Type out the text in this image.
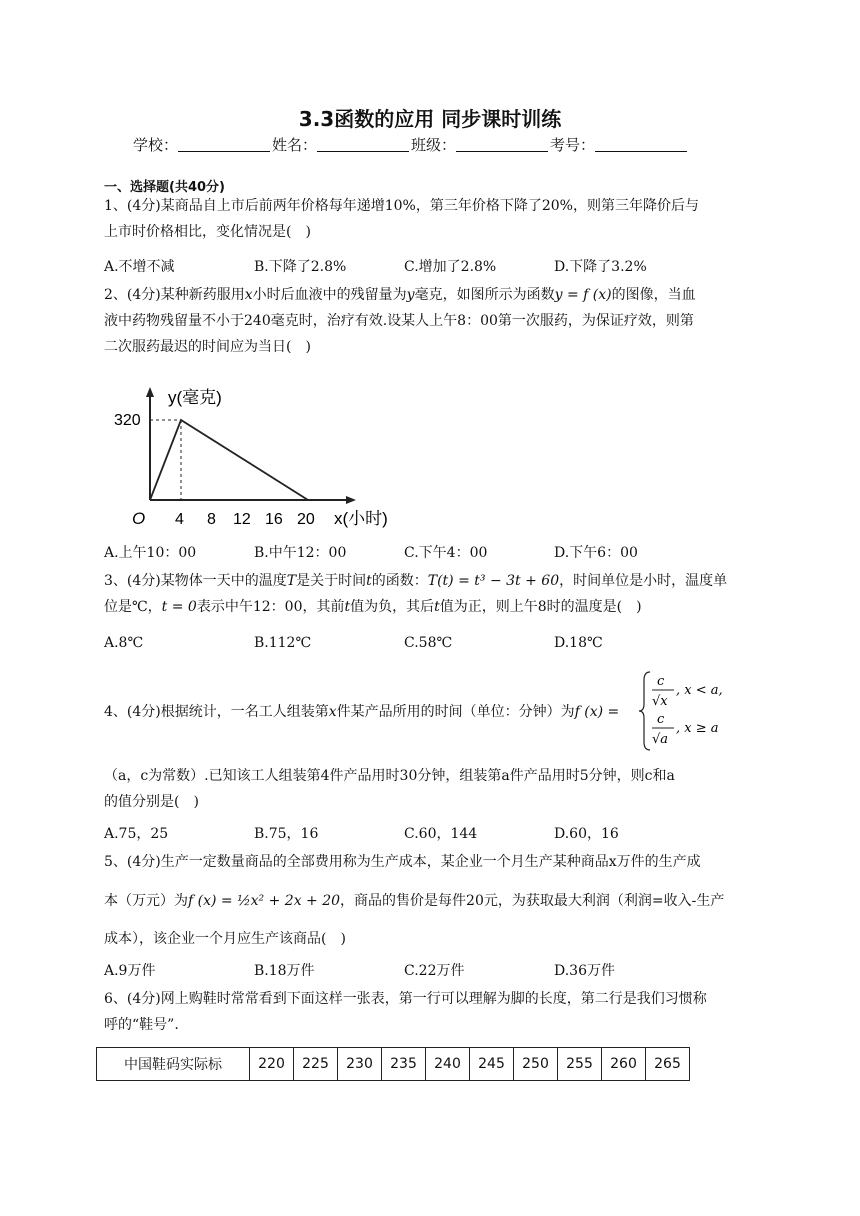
3.3函数的应用 同步课时训练
学校：	姓名：	班级：	考号：
一、选择题(共40分)
1、(4分)某商品自上市后前两年价格每年递增10%，第三年价格下降了20%，则第三年降价后与
上市时价格相比，变化情况是(　)
A.不增不减	B.下降了2.8%	C.增加了2.8%	D.下降了3.2%
2、(4分)某种新药服用x小时后血液中的残留量为y毫克，如图所示为函数y = f (x)的图像，当血
液中药物残留量不小于240毫克时，治疗有效.设某人上午8：00第一次服药，为保证疗效，则第
二次服药最迟的时间应为当日(　)
320
y(毫克)
O 4 8 12 16 20 x(小时)
A.上午10：00	B.中午12：00	C.下午4：00	D.下午6：00
3、(4分)某物体一天中的温度T是关于时间t的函数：T(t) = t³ − 3t + 60，时间单位是小时，温度单
位是℃，t = 0表示中午12：00，其前t值为负，其后t值为正，则上午8时的温度是(　)
A.8℃	B.112℃	C.58℃	D.18℃
4、(4分)根据统计，一名工人组装第x件某产品所用的时间（单位：分钟）为f (x) =
c
√x
, x < a,
c
√a
, x ≥ a
（a，c为常数）.已知该工人组装第4件产品用时30分钟，组装第a件产品用时5分钟，则c和a
的值分别是(　)
A.75，25	B.75，16	C.60，144	D.60，16
5、(4分)生产一定数量商品的全部费用称为生产成本，某企业一个月生产某种商品x万件的生产成
本（万元）为f (x) = ½x² + 2x + 20，商品的售价是每件20元，为获取最大利润（利润=收入-生产
成本），该企业一个月应生产该商品(　)
A.9万件	B.18万件	C.22万件	D.36万件
6、(4分)网上购鞋时常常看到下面这样一张表，第一行可以理解为脚的长度，第二行是我们习惯称
呼的“鞋号”.
中国鞋码实际标	220	225	230	235	240	245	250	255	260	265
